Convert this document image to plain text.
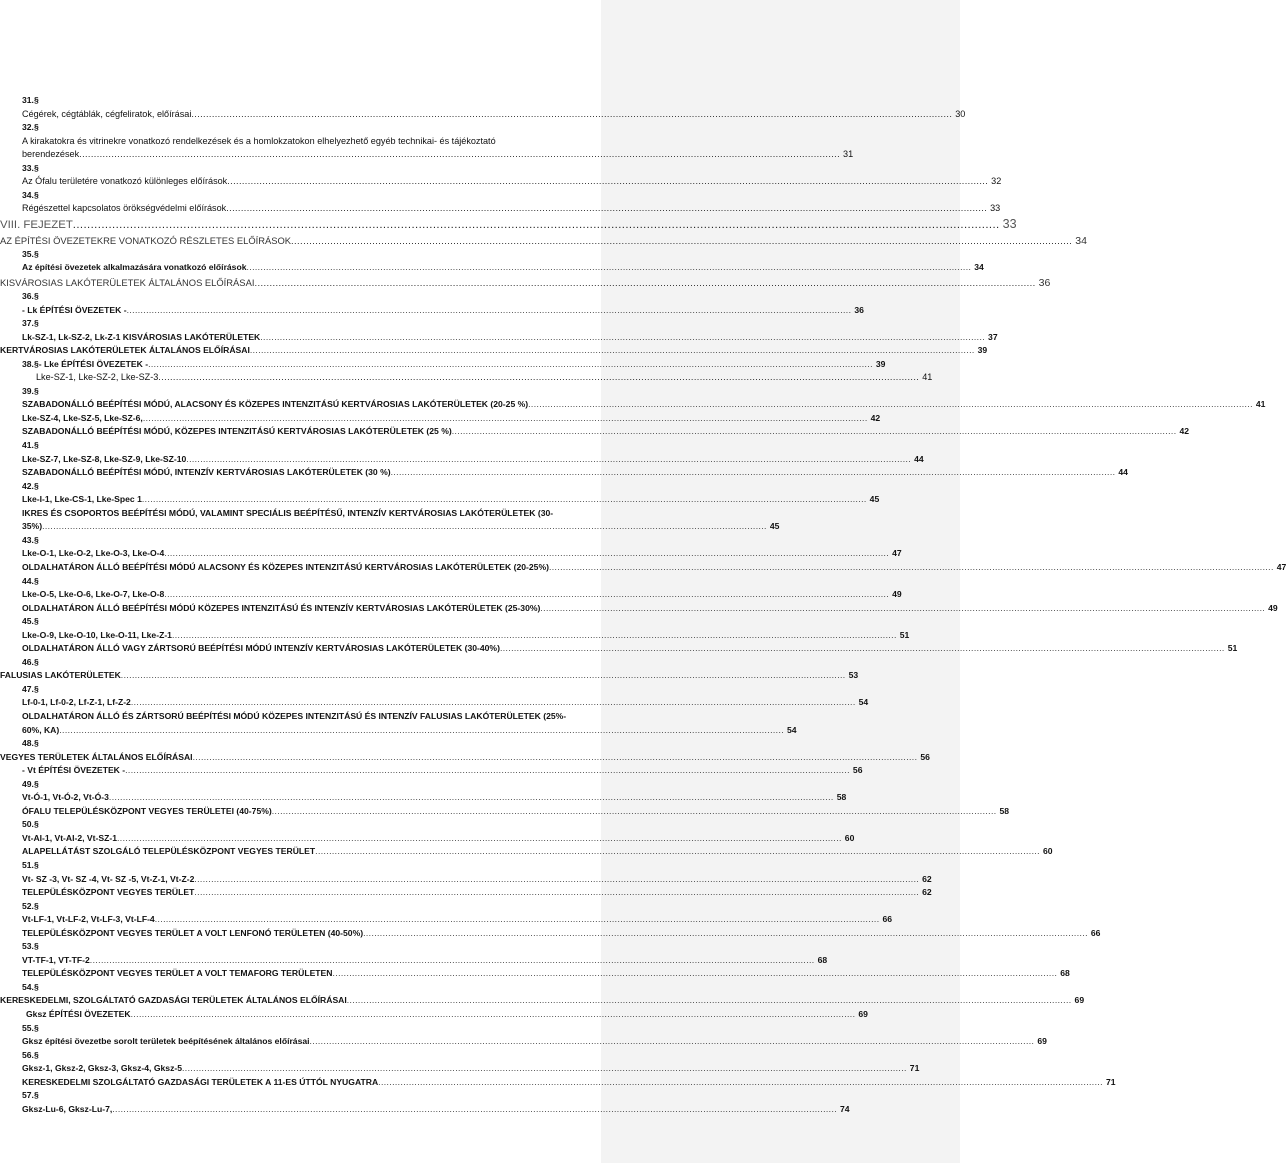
31.§
Cégérek, cégtáblák, cégfeliratok, előírásai .................................................................................................................................................................................................................................................................... 30
32.§
A kirakatokra és vitrinekre vonatkozó rendelkezések és a homlokzatokon elhelyezhető egyéb technikai- és tájékoztató
berendezések .................................................................................................................................................................................................................................................................... 31
33.§
Az Ófalu területére vonatkozó különleges előírások .................................................................................................................................................................................................................................................................... 32
34.§
Régészettel kapcsolatos örökségvédelmi előírások .................................................................................................................................................................................................................................................................... 33
VIII. FEJEZET .................................................................................................................................................................................................................................................................... 33
AZ ÉPÍTÉSI ÖVEZETEKRE VONATKOZÓ RÉSZLETES ELŐÍRÁSOK .................................................................................................................................................................................................................................................................... 34
35.§
Az építési övezetek alkalmazására vonatkozó előírások .................................................................................................................................................................................................................................................................... 34
KISVÁROSIAS LAKÓTERÜLETEK ÁLTALÁNOS ELŐÍRÁSAI .................................................................................................................................................................................................................................................................... 36
36.§
- Lk ÉPÍTÉSI ÖVEZETEK - .................................................................................................................................................................................................................................................................... 36
37.§
Lk-SZ-1, Lk-SZ-2, Lk-Z-1 KISVÁROSIAS LAKÓTERÜLETEK .................................................................................................................................................................................................................................................................... 37
KERTVÁROSIAS LAKÓTERÜLETEK ÁLTALÁNOS ELŐÍRÁSAI .................................................................................................................................................................................................................................................................... 39
38.§- Lke ÉPÍTÉSI ÖVEZETEK - .................................................................................................................................................................................................................................................................... 39
Lke-SZ-1, Lke-SZ-2, Lke-SZ-3 .................................................................................................................................................................................................................................................................... 41
39.§
SZABADONÁLLÓ BEÉPÍTÉSI MÓDÚ, ALACSONY ÉS KÖZEPES INTENZITÁSÚ KERTVÁROSIAS LAKÓTERÜLETEK (20-25 %) .................................................................................................................................................................................................................................................................... 41
Lke-SZ-4, Lke-SZ-5, Lke-SZ-6, .................................................................................................................................................................................................................................................................... 42
SZABADONÁLLÓ BEÉPÍTÉSI MÓDÚ, KÖZEPES INTENZITÁSÚ KERTVÁROSIAS LAKÓTERÜLETEK (25 %) .................................................................................................................................................................................................................................................................... 42
41.§
Lke-SZ-7, Lke-SZ-8, Lke-SZ-9, Lke-SZ-10 .................................................................................................................................................................................................................................................................... 44
SZABADONÁLLÓ BEÉPÍTÉSI MÓDÚ, INTENZÍV KERTVÁROSIAS LAKÓTERÜLETEK (30 %) .................................................................................................................................................................................................................................................................... 44
42.§
Lke-I-1, Lke-CS-1, Lke-Spec 1 .................................................................................................................................................................................................................................................................... 45
IKRES ÉS CSOPORTOS BEÉPÍTÉSI MÓDÚ, VALAMINT SPECIÁLIS BEÉPÍTÉSŰ, INTENZÍV KERTVÁROSIAS LAKÓTERÜLETEK (30-
35%) .................................................................................................................................................................................................................................................................... 45
43.§
Lke-O-1, Lke-O-2, Lke-O-3, Lke-O-4 .................................................................................................................................................................................................................................................................... 47
OLDALHATÁRON ÁLLÓ BEÉPÍTÉSI MÓDÚ ALACSONY ÉS KÖZEPES INTENZITÁSÚ KERTVÁROSIAS LAKÓTERÜLETEK (20-25%) .................................................................................................................................................................................................................................................................... 47
44.§
Lke-O-5, Lke-O-6, Lke-O-7, Lke-O-8 .................................................................................................................................................................................................................................................................... 49
OLDALHATÁRON ÁLLÓ BEÉPÍTÉSI MÓDÚ KÖZEPES INTENZITÁSÚ ÉS INTENZÍV KERTVÁROSIAS LAKÓTERÜLETEK (25-30%) .................................................................................................................................................................................................................................................................... 49
45.§
Lke-O-9, Lke-O-10, Lke-O-11, Lke-Z-1 .................................................................................................................................................................................................................................................................... 51
OLDALHATÁRON ÁLLÓ VAGY ZÁRTSORÚ BEÉPÍTÉSI MÓDÚ INTENZÍV KERTVÁROSIAS LAKÓTERÜLETEK (30-40%) .................................................................................................................................................................................................................................................................... 51
46.§
FALUSIAS LAKÓTERÜLETEK .................................................................................................................................................................................................................................................................... 53
47.§
Lf-0-1, Lf-0-2, Lf-Z-1, Lf-Z-2 .................................................................................................................................................................................................................................................................... 54
OLDALHATÁRON ÁLLÓ ÉS ZÁRTSORÚ BEÉPÍTÉSI MÓDÚ KÖZEPES INTENZITÁSÚ ÉS INTENZÍV FALUSIAS LAKÓTERÜLETEK (25%-
60%, KA) .................................................................................................................................................................................................................................................................... 54
48.§
VEGYES TERÜLETEK ÁLTALÁNOS ELŐÍRÁSAI .................................................................................................................................................................................................................................................................... 56
- Vt ÉPÍTÉSI ÖVEZETEK - .................................................................................................................................................................................................................................................................... 56
49.§
Vt-Ó-1, Vt-Ó-2, Vt-Ó-3 .................................................................................................................................................................................................................................................................... 58
ÓFALU TELEPÜLÉSKÖZPONT VEGYES TERÜLETEI (40-75%) .................................................................................................................................................................................................................................................................... 58
50.§
Vt-AI-1, Vt-AI-2, Vt-SZ-1 .................................................................................................................................................................................................................................................................... 60
ALAPELLÁTÁST SZOLGÁLÓ TELEPÜLÉSKÖZPONT VEGYES TERÜLET .................................................................................................................................................................................................................................................................... 60
51.§
Vt- SZ -3, Vt- SZ -4, Vt- SZ -5, Vt-Z-1, Vt-Z-2 .................................................................................................................................................................................................................................................................... 62
TELEPÜLÉSKÖZPONT VEGYES TERÜLET .................................................................................................................................................................................................................................................................... 62
52.§
Vt-LF-1, Vt-LF-2, Vt-LF-3, Vt-LF-4 .................................................................................................................................................................................................................................................................... 66
TELEPÜLÉSKÖZPONT VEGYES TERÜLET A VOLT LENFONÓ TERÜLETEN (40-50%) .................................................................................................................................................................................................................................................................... 66
53.§
VT-TF-1, VT-TF-2 .................................................................................................................................................................................................................................................................... 68
TELEPÜLÉSKÖZPONT VEGYES TERÜLET A VOLT TEMAFORG TERÜLETEN .................................................................................................................................................................................................................................................................... 68
54.§
KERESKEDELMI, SZOLGÁLTATÓ GAZDASÁGI TERÜLETEK ÁLTALÁNOS ELŐÍRÁSAI .................................................................................................................................................................................................................................................................... 69
Gksz ÉPÍTÉSI ÖVEZETEK .................................................................................................................................................................................................................................................................... 69
55.§
Gksz építési övezetbe sorolt területek beépítésének általános előírásai .................................................................................................................................................................................................................................................................... 69
56.§
Gksz-1, Gksz-2, Gksz-3, Gksz-4, Gksz-5 .................................................................................................................................................................................................................................................................... 71
KERESKEDELMI SZOLGÁLTATÓ GAZDASÁGI TERÜLETEK A 11-ES ÚTTÓL NYUGATRA .................................................................................................................................................................................................................................................................... 71
57.§
Gksz-Lu-6, Gksz-Lu-7, .................................................................................................................................................................................................................................................................... 74
